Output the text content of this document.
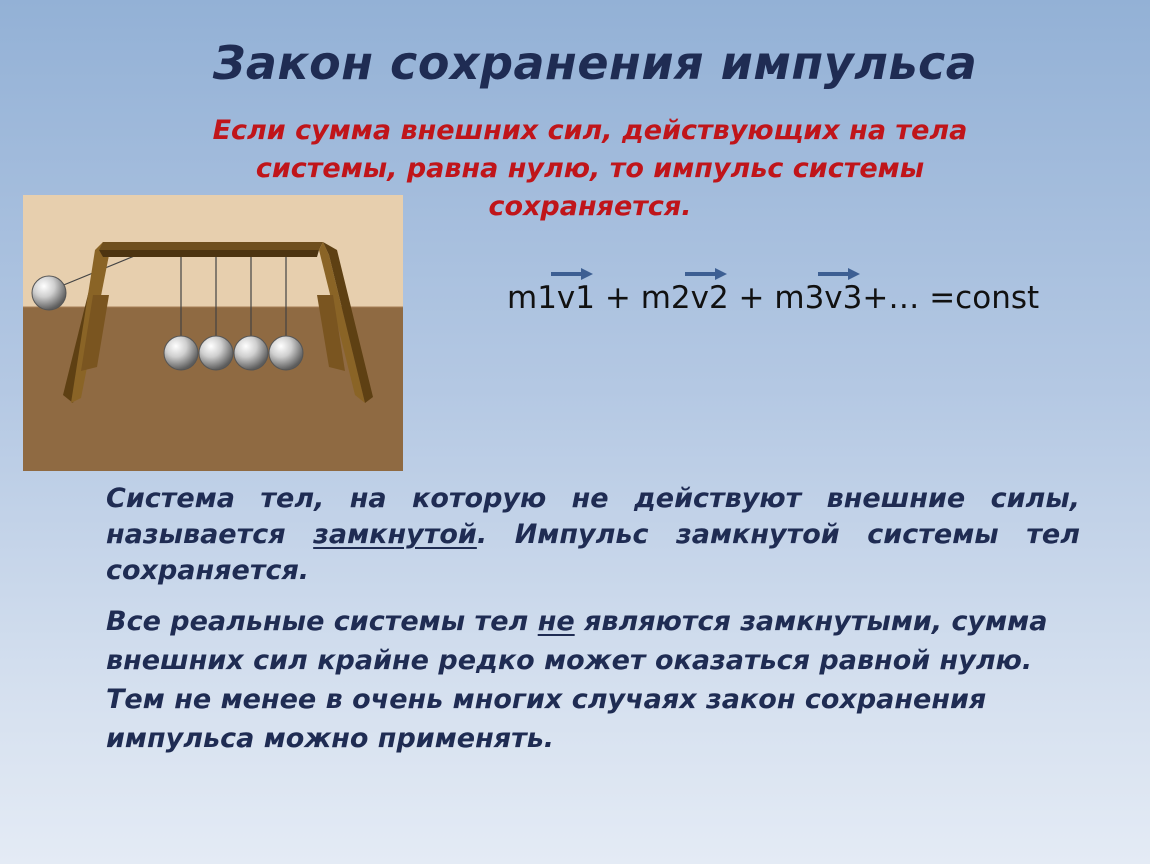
Закон сохранения импульса
Если сумма внешних сил, действующих на тела
системы, равна нулю, то импульс системы
сохраняется.
m1
v1 + m2
v2 + m3
v3+… =const
Система тел, на которую не действуют внешние силы, называется замкнутой. Импульс замкнутой системы тел сохраняется.
Все реальные системы тел не являются замкнутыми, сумма внешних сил крайне редко может оказаться равной нулю. Тем не менее в очень многих случаях закон сохранения импульса можно применять.
